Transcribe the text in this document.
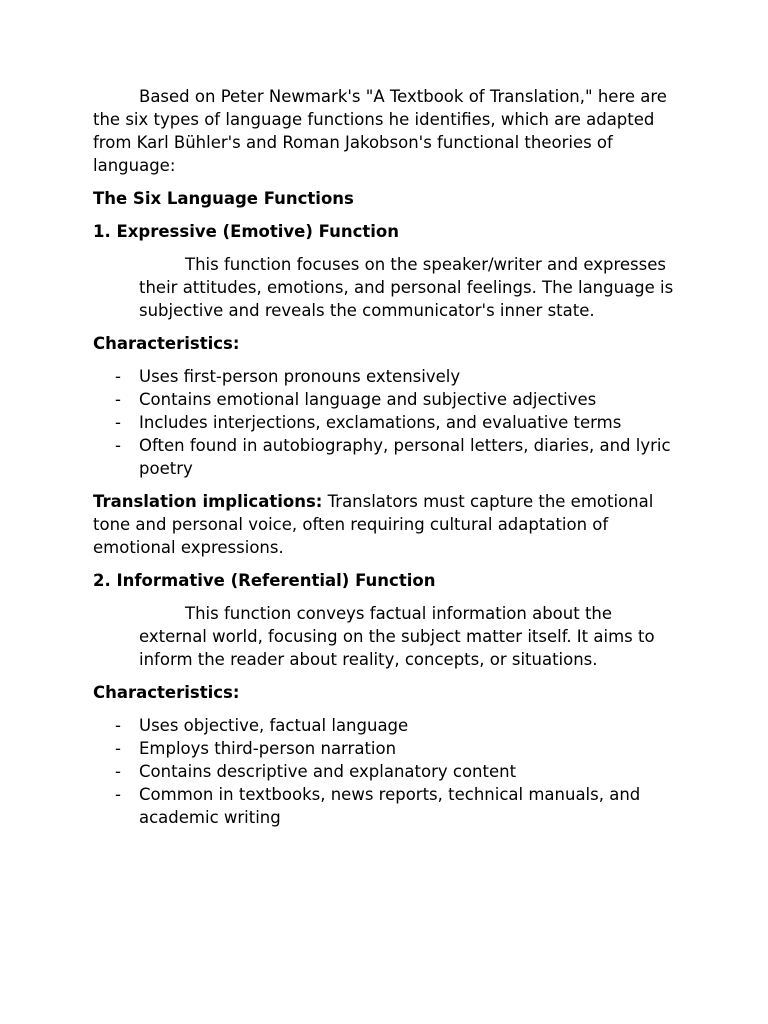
Based on Peter Newmark's "A Textbook of Translation," here are the six types of language functions he identifies, which are adapted from Karl Bühler's and Roman Jakobson's functional theories of language:

The Six Language Functions

1. Expressive (Emotive) Function

This function focuses on the speaker/writer and expresses their attitudes, emotions, and personal feelings. The language is subjective and reveals the communicator's inner state.

Characteristics:

- Uses first-person pronouns extensively
- Contains emotional language and subjective adjectives
- Includes interjections, exclamations, and evaluative terms
- Often found in autobiography, personal letters, diaries, and lyric poetry

Translation implications: Translators must capture the emotional tone and personal voice, often requiring cultural adaptation of emotional expressions.

2. Informative (Referential) Function

This function conveys factual information about the external world, focusing on the subject matter itself. It aims to inform the reader about reality, concepts, or situations.

Characteristics:

- Uses objective, factual language
- Employs third-person narration
- Contains descriptive and explanatory content
- Common in textbooks, news reports, technical manuals, and academic writing
